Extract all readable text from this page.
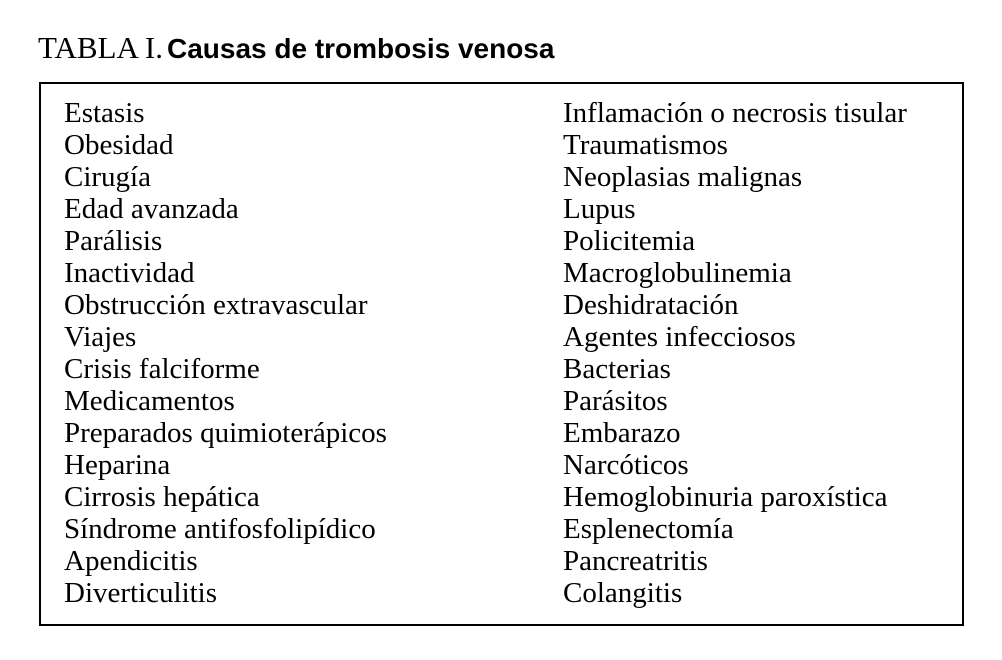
TABLA I. Causas de trombosis venosa
Estasis
Obesidad
Cirugía
Edad avanzada
Parálisis
Inactividad
Obstrucción extravascular
Viajes
Crisis falciforme
Medicamentos
Preparados quimioterápicos
Heparina
Cirrosis hepática
Síndrome antifosfolipídico
Apendicitis
Diverticulitis
Inflamación o necrosis tisular
Traumatismos
Neoplasias malignas
Lupus
Policitemia
Macroglobulinemia
Deshidratación
Agentes infecciosos
Bacterias
Parásitos
Embarazo
Narcóticos
Hemoglobinuria paroxística
Esplenectomía
Pancreatritis
Colangitis
